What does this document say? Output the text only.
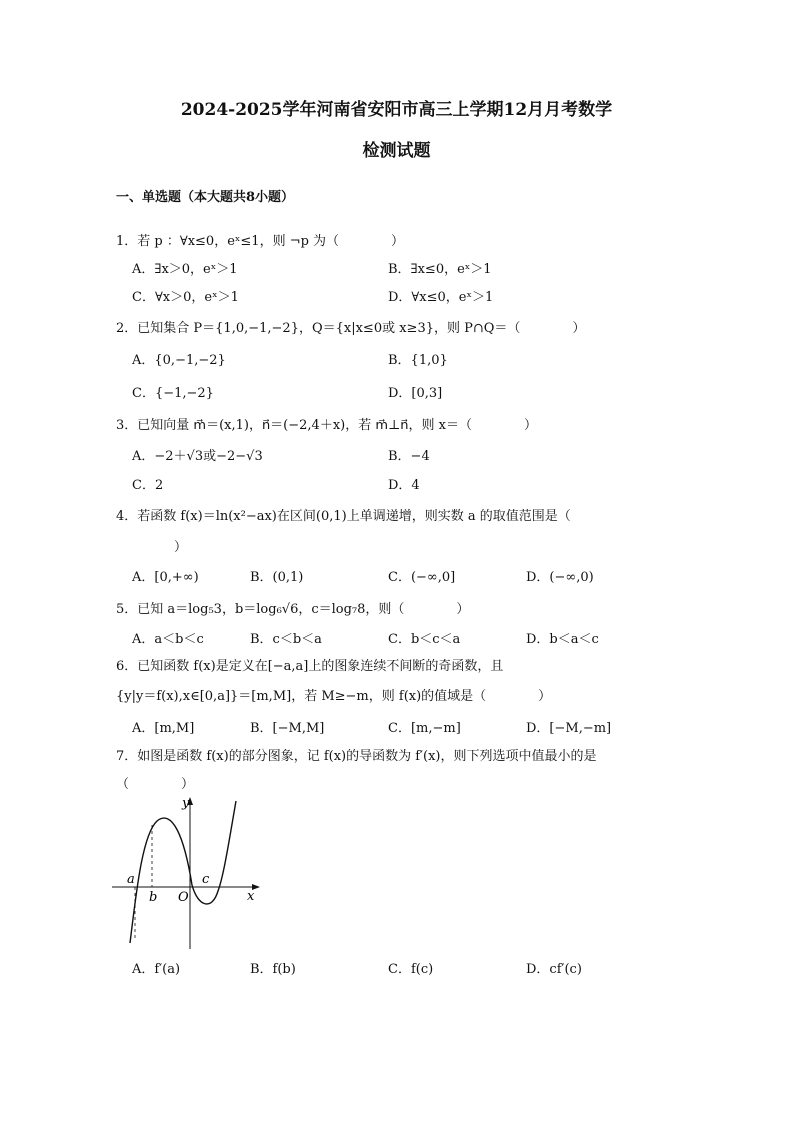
2024-2025学年河南省安阳市高三上学期12月月考数学
检测试题
一、单选题（本大题共8小题）
1．若 p ：∀x≤0，eˣ≤1，则 ¬p 为（　　　　）
A．∃x＞0，eˣ＞1	B．∃x≤0，eˣ＞1
C．∀x＞0，eˣ＞1	D．∀x≤0，eˣ＞1
2．已知集合 P＝{1,0,−1,−2}，Q＝{x|x≤0或 x≥3}，则 P∩Q＝（　　　　）
A．{0,−1,−2}	B．{1,0}
C．{−1,−2}	D．[0,3]
3．已知向量 m⃗＝(x,1)，n⃗＝(−2,4＋x)，若 m⃗⊥n⃗，则 x＝（　　　　）
A．−2＋√3或−2−√3	B．−4
C．2	D．4
4．若函数 f(x)＝ln(x²−ax)在区间(0,1)上单调递增，则实数 a 的取值范围是（
）
A．[0,+∞)	B．(0,1)	C．(−∞,0]	D．(−∞,0)
5．已知 a＝log₅3，b＝log₆√6，c＝log₇8，则（　　　　）
A．a＜b＜c	B．c＜b＜a	C．b＜c＜a	D．b＜a＜c
6．已知函数 f(x)是定义在[−a,a]上的图象连续不间断的奇函数，且
{y|y＝f(x),x∈[0,a]}＝[m,M]，若 M≥−m，则 f(x)的值域是（　　　　）
A．[m,M]	B．[−M,M]	C．[m,−m]	D．[−M,−m]
7．如图是函数 f(x)的部分图象，记 f(x)的导函数为 f′(x)，则下列选项中值最小的是
（　　　　）
y
x
a
b O
c
A．f′(a)	B．f(b)	C．f(c)	D．cf′(c)
